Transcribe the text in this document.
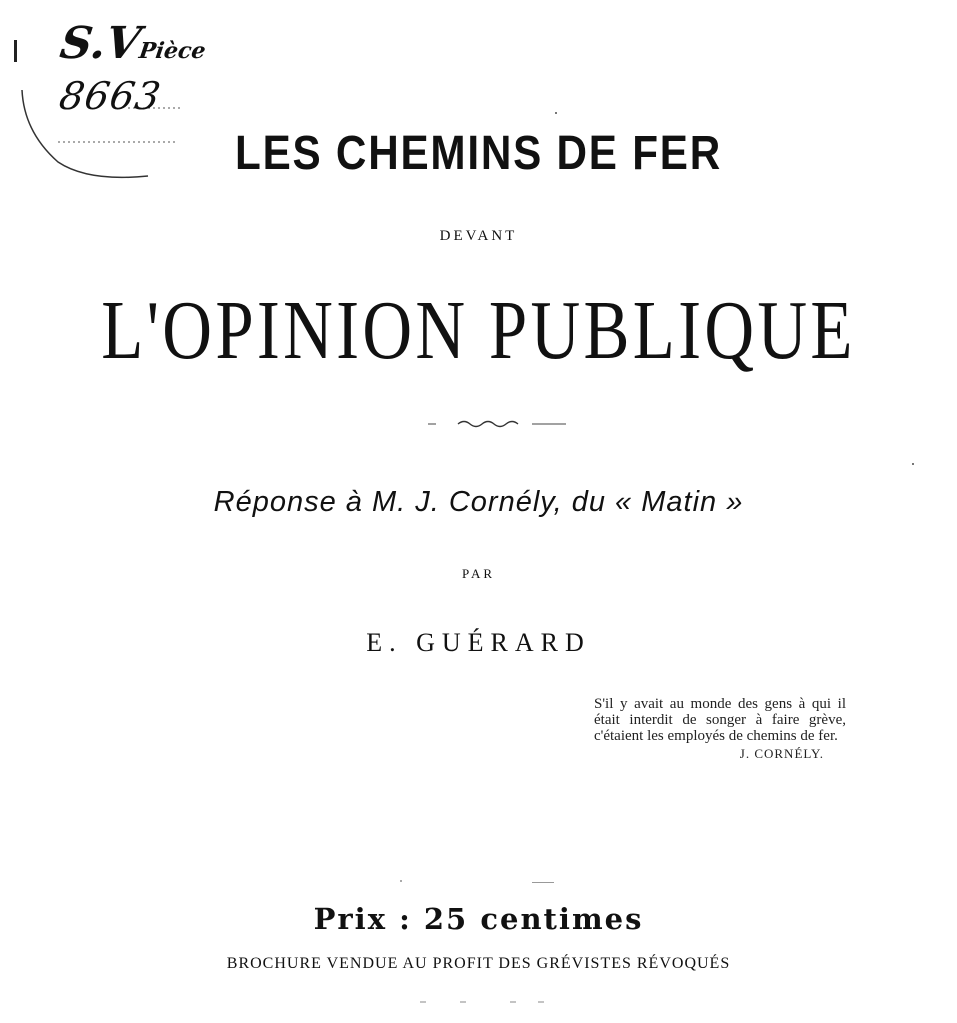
S.VPièce
8663
LES CHEMINS DE FER
DEVANT
L'OPINION PUBLIQUE
Réponse à M. J. Cornély, du « Matin »
PAR
E. GUÉRARD
S'il y avait au monde des gens à qui il était interdit de songer à faire grève, c'étaient les employés de chemins de fer.
J. CORNÉLY.
Prix : 25 centimes
BROCHURE VENDUE AU PROFIT DES GRÉVISTES RÉVOQUÉS
